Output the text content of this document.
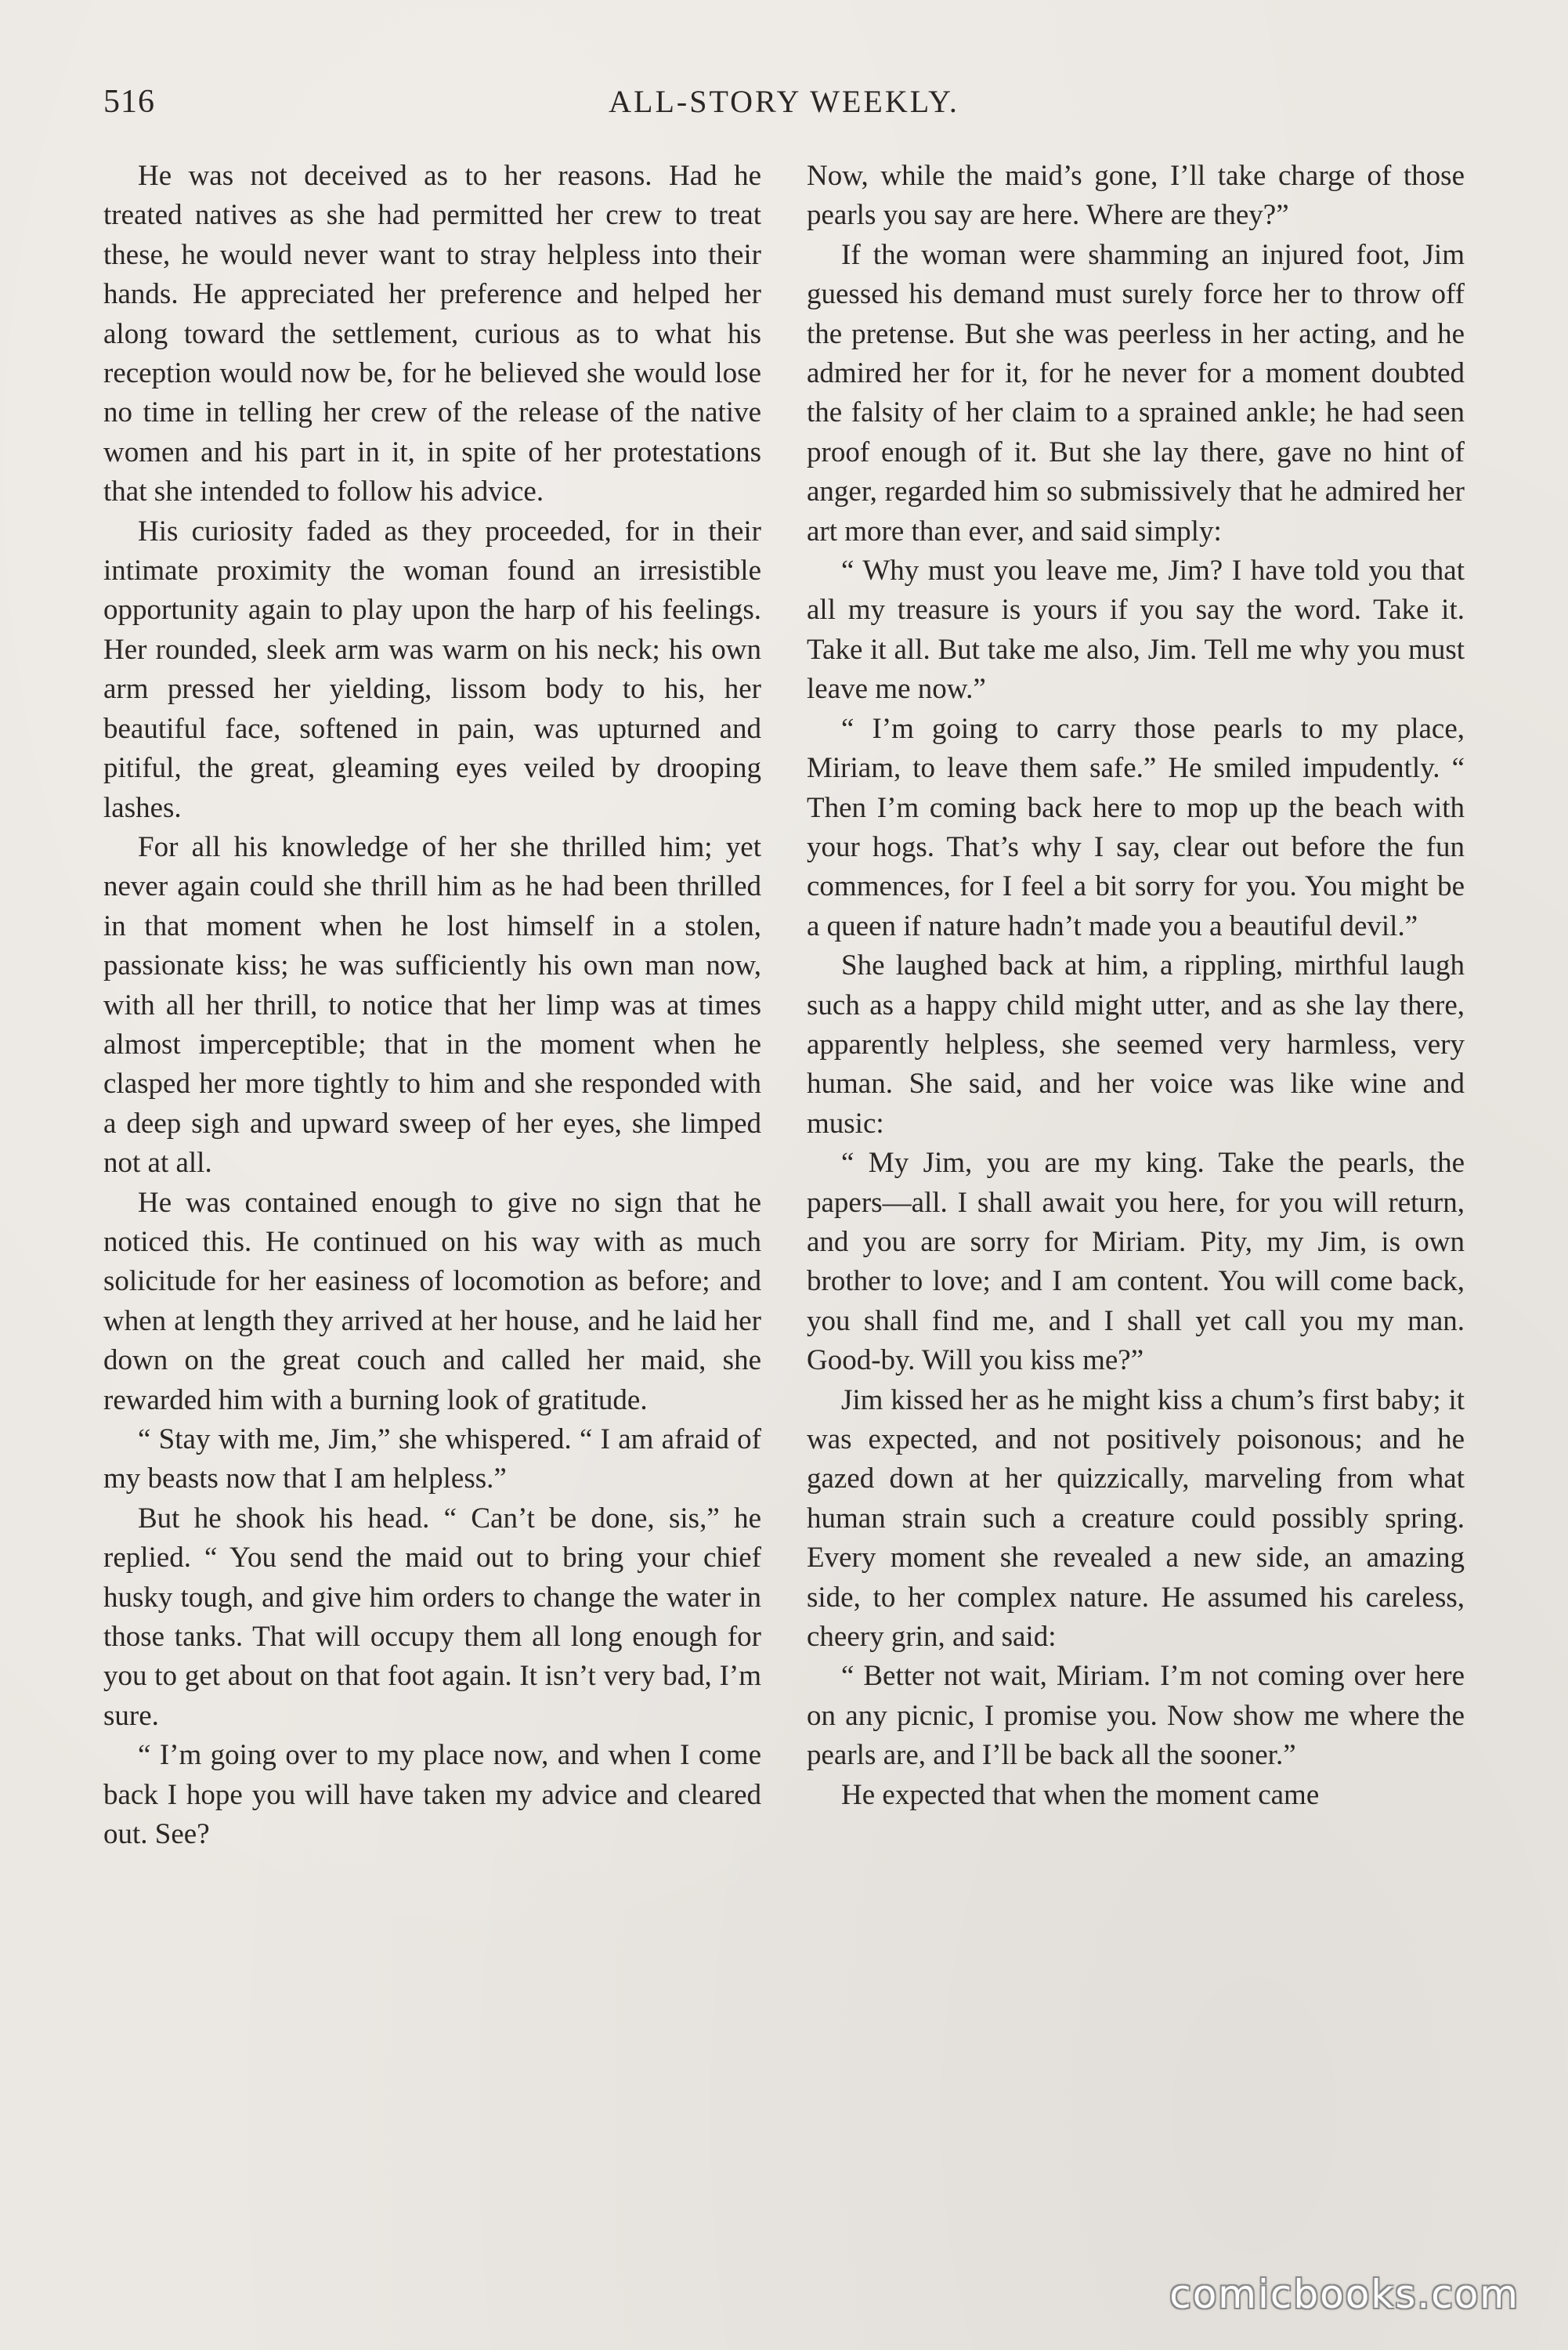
516	ALL-STORY WEEKLY.

He was not deceived as to her reasons. Had he treated natives as she had permitted her crew to treat these, he would never want to stray helpless into their hands. He appreciated her preference and helped her along toward the settlement, curious as to what his reception would now be, for he believed she would lose no time in telling her crew of the release of the native women and his part in it, in spite of her protestations that she intended to follow his advice.

His curiosity faded as they proceeded, for in their intimate proximity the woman found an irresistible opportunity again to play upon the harp of his feelings. Her rounded, sleek arm was warm on his neck; his own arm pressed her yielding, lissom body to his, her beautiful face, softened in pain, was upturned and pitiful, the great, gleaming eyes veiled by drooping lashes.

For all his knowledge of her she thrilled him; yet never again could she thrill him as he had been thrilled in that moment when he lost himself in a stolen, passionate kiss; he was sufficiently his own man now, with all her thrill, to notice that her limp was at times almost imperceptible; that in the moment when he clasped her more tightly to him and she responded with a deep sigh and upward sweep of her eyes, she limped not at all.

He was contained enough to give no sign that he noticed this. He continued on his way with as much solicitude for her easiness of locomotion as before; and when at length they arrived at her house, and he laid her down on the great couch and called her maid, she rewarded him with a burning look of gratitude.

“ Stay with me, Jim,” she whispered. “ I am afraid of my beasts now that I am helpless.”

But he shook his head. “ Can’t be done, sis,” he replied. “ You send the maid out to bring your chief husky tough, and give him orders to change the water in those tanks. That will occupy them all long enough for you to get about on that foot again. It isn’t very bad, I’m sure.

“ I’m going over to my place now, and when I come back I hope you will have taken my advice and cleared out. See?

Now, while the maid’s gone, I’ll take charge of those pearls you say are here. Where are they?”

If the woman were shamming an injured foot, Jim guessed his demand must surely force her to throw off the pretense. But she was peerless in her acting, and he admired her for it, for he never for a moment doubted the falsity of her claim to a sprained ankle; he had seen proof enough of it. But she lay there, gave no hint of anger, regarded him so submissively that he admired her art more than ever, and said simply:

“ Why must you leave me, Jim? I have told you that all my treasure is yours if you say the word. Take it. Take it all. But take me also, Jim. Tell me why you must leave me now.”

“ I’m going to carry those pearls to my place, Miriam, to leave them safe.” He smiled impudently. “ Then I’m coming back here to mop up the beach with your hogs. That’s why I say, clear out before the fun commences, for I feel a bit sorry for you. You might be a queen if nature hadn’t made you a beautiful devil.”

She laughed back at him, a rippling, mirthful laugh such as a happy child might utter, and as she lay there, apparently helpless, she seemed very harmless, very human. She said, and her voice was like wine and music:

“ My Jim, you are my king. Take the pearls, the papers—all. I shall await you here, for you will return, and you are sorry for Miriam. Pity, my Jim, is own brother to love; and I am content. You will come back, you shall find me, and I shall yet call you my man. Good-by. Will you kiss me?”

Jim kissed her as he might kiss a chum’s first baby; it was expected, and not positively poisonous; and he gazed down at her quizzically, marveling from what human strain such a creature could possibly spring. Every moment she revealed a new side, an amazing side, to her complex nature. He assumed his careless, cheery grin, and said:

“ Better not wait, Miriam. I’m not coming over here on any picnic, I promise you. Now show me where the pearls are, and I’ll be back all the sooner.”

He expected that when the moment came

comicbooks.com
